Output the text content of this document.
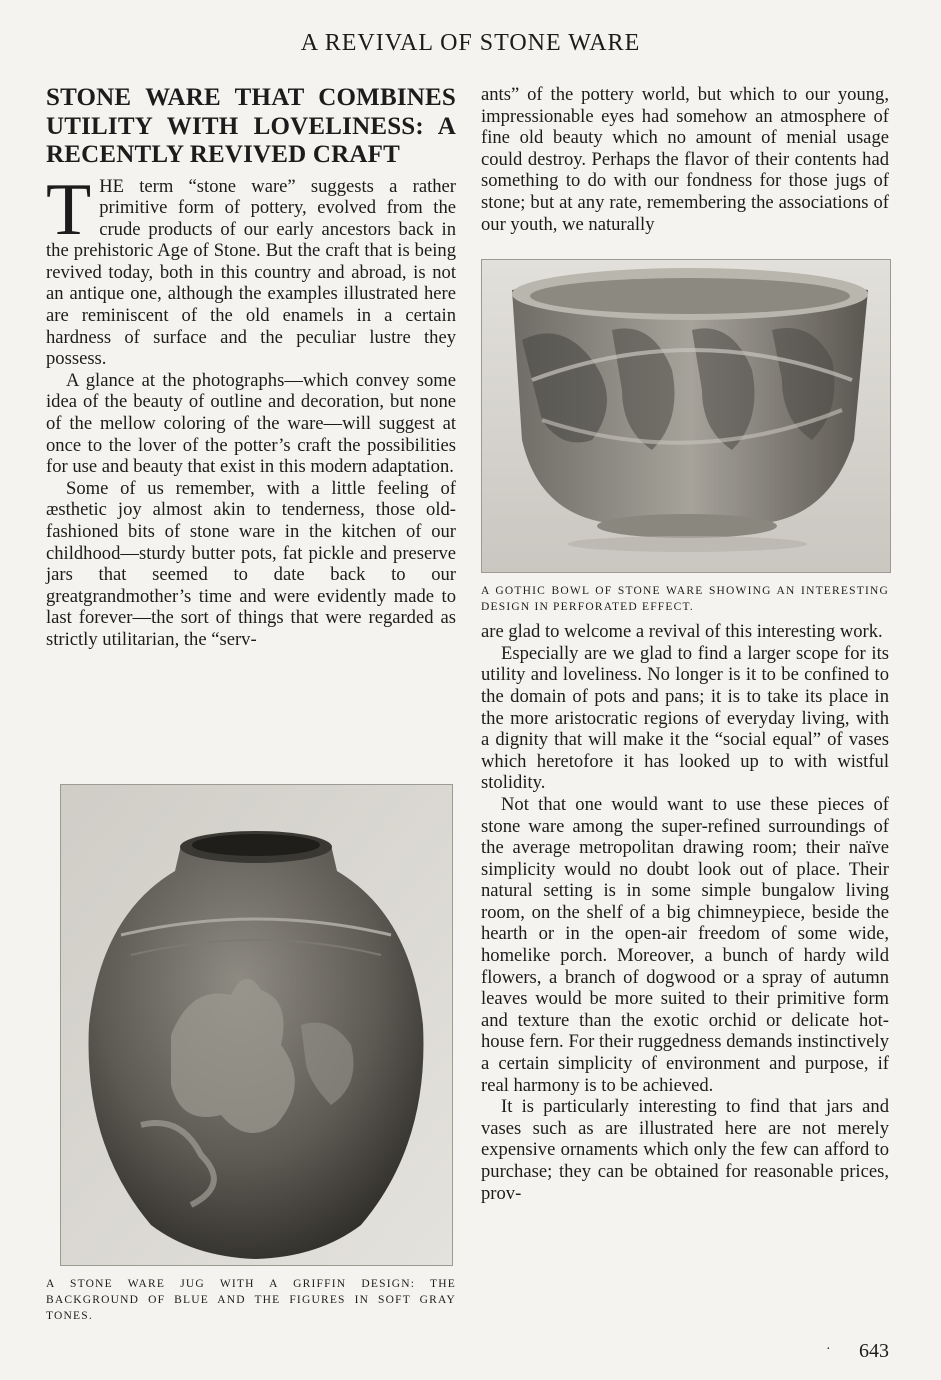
A REVIVAL OF STONE WARE
STONE WARE THAT COMBINES UTILITY WITH LOVELINESS: A RECENTLY REVIVED CRAFT

THE term “stone ware” suggests a rather primitive form of pottery, evolved from the crude products of our early ancestors back in the prehistoric Age of Stone. But the craft that is being revived today, both in this country and abroad, is not an antique one, although the examples illustrated here are reminiscent of the old enamels in a certain hardness of surface and the peculiar lustre they possess.

A glance at the photographs—which convey some idea of the beauty of outline and decoration, but none of the mellow coloring of the ware—will suggest at once to the lover of the potter’s craft the possibilities for use and beauty that exist in this modern adaptation.

Some of us remember, with a little feeling of æsthetic joy almost akin to tenderness, those old-fashioned bits of stone ware in the kitchen of our childhood—sturdy butter pots, fat pickle and preserve jars that seemed to date back to our greatgrandmother’s time and were evidently made to last forever—the sort of things that were regarded as strictly utilitarian, the “serv-

A STONE WARE JUG WITH A GRIFFIN DESIGN: THE BACKGROUND OF BLUE AND THE FIGURES IN SOFT GRAY TONES.

ants” of the pottery world, but which to our young, impressionable eyes had somehow an atmosphere of fine old beauty which no amount of menial usage could destroy. Perhaps the flavor of their contents had something to do with our fondness for those jugs of stone; but at any rate, remembering the associations of our youth, we naturally

A GOTHIC BOWL OF STONE WARE SHOWING AN INTERESTING DESIGN IN PERFORATED EFFECT.

are glad to welcome a revival of this interesting work.

Especially are we glad to find a larger scope for its utility and loveliness. No longer is it to be confined to the domain of pots and pans; it is to take its place in the more aristocratic regions of everyday living, with a dignity that will make it the “social equal” of vases which heretofore it has looked up to with wistful stolidity.

Not that one would want to use these pieces of stone ware among the super-refined surroundings of the average metropolitan drawing room; their naïve simplicity would no doubt look out of place. Their natural setting is in some simple bungalow living room, on the shelf of a big chimneypiece, beside the hearth or in the open-air freedom of some wide, homelike porch. Moreover, a bunch of hardy wild flowers, a branch of dogwood or a spray of autumn leaves would be more suited to their primitive form and texture than the exotic orchid or delicate hot-house fern. For their ruggedness demands instinctively a certain simplicity of environment and purpose, if real harmony is to be achieved.

It is particularly interesting to find that jars and vases such as are illustrated here are not merely expensive ornaments which only the few can afford to purchase; they can be obtained for reasonable prices, prov-

· 643
